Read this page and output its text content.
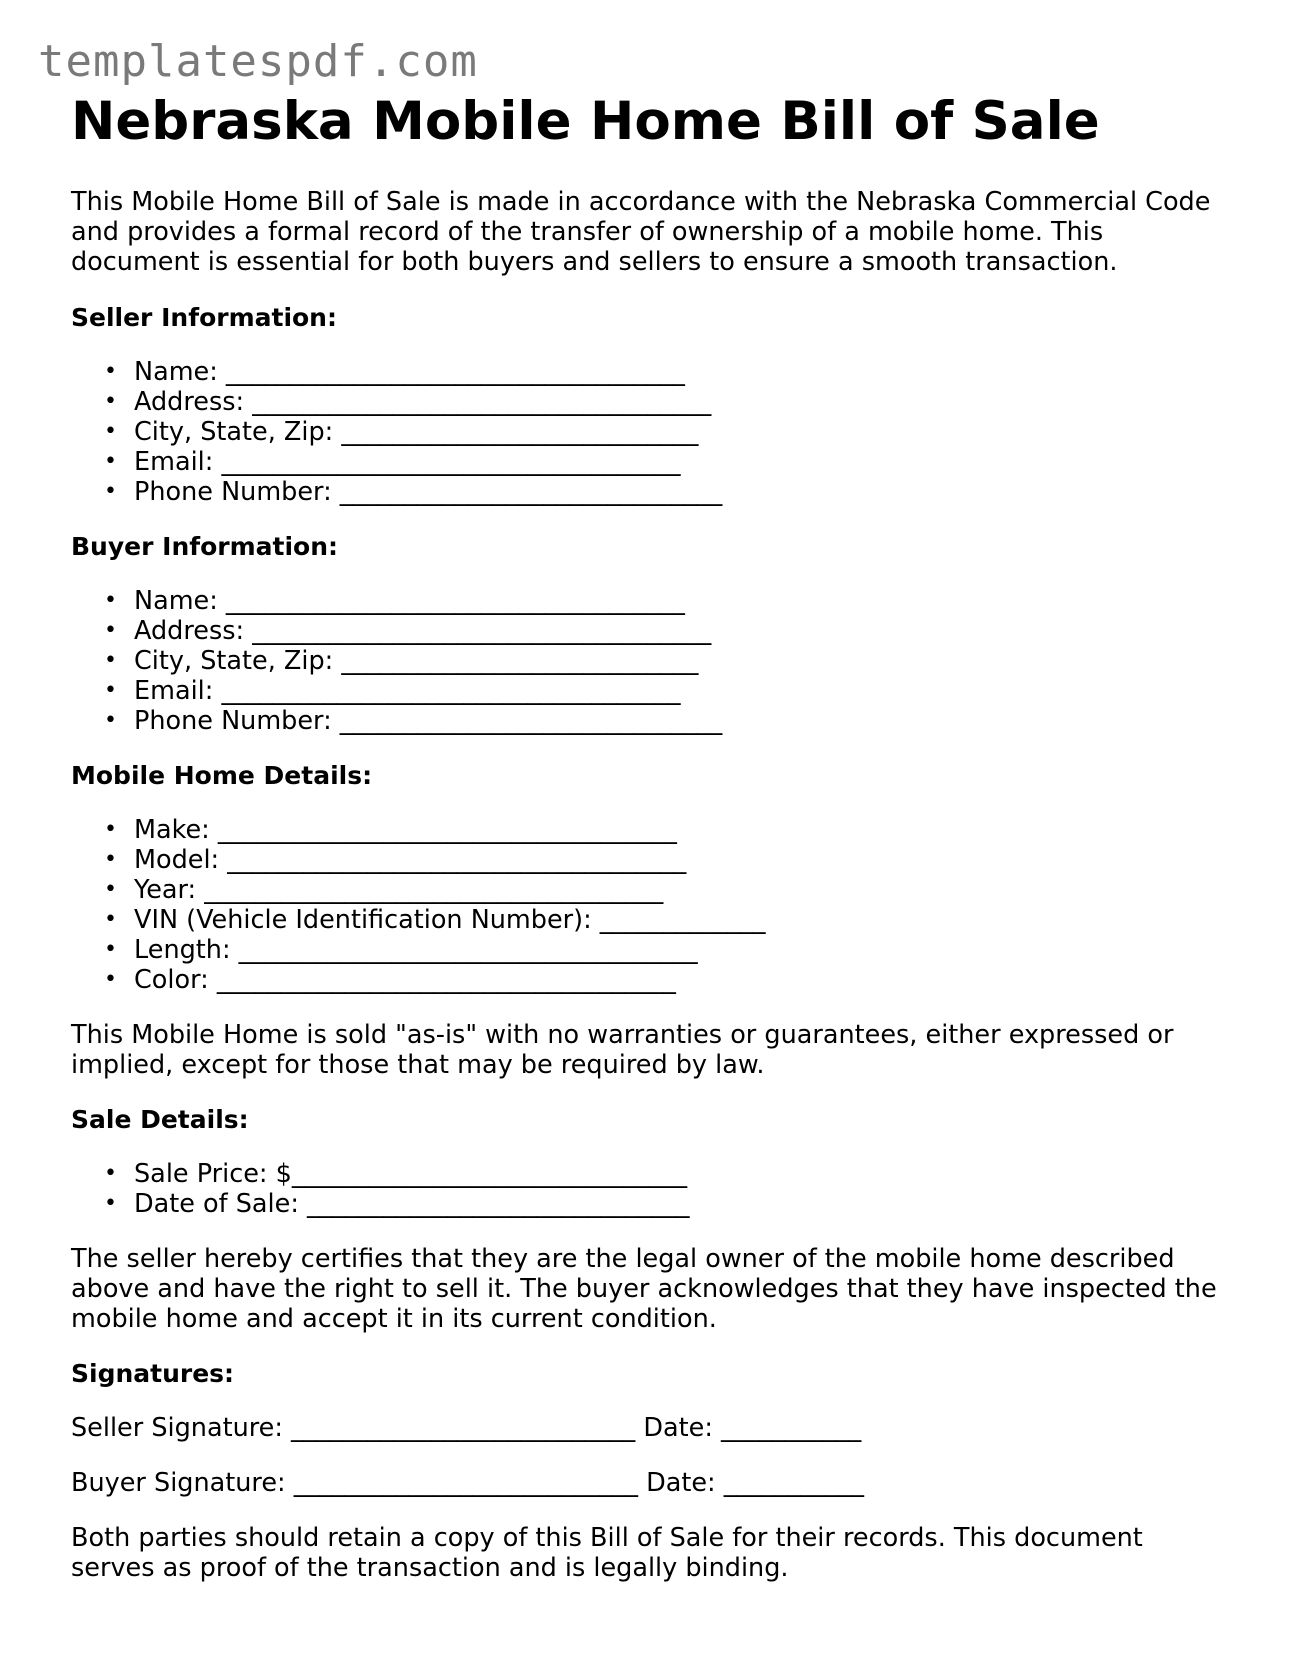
templatespdf.com
Nebraska Mobile Home Bill of Sale

This Mobile Home Bill of Sale is made in accordance with the Nebraska Commercial Code and provides a formal record of the transfer of ownership of a mobile home. This document is essential for both buyers and sellers to ensure a smooth transaction.

Seller Information:
• Name: ____________________________________
• Address: ____________________________________
• City, State, Zip: ____________________________
• Email: ____________________________________
• Phone Number: ______________________________
Buyer Information:
• Name: ____________________________________
• Address: ____________________________________
• City, State, Zip: ____________________________
• Email: ____________________________________
• Phone Number: ______________________________
Mobile Home Details:
• Make: ____________________________________
• Model: ____________________________________
• Year: ____________________________________
• VIN (Vehicle Identification Number): _____________
• Length: ____________________________________
• Color: ____________________________________

This Mobile Home is sold "as-is" with no warranties or guarantees, either expressed or implied, except for those that may be required by law.

Sale Details:
• Sale Price: $_______________________________
• Date of Sale: ______________________________

The seller hereby certifies that they are the legal owner of the mobile home described above and have the right to sell it. The buyer acknowledges that they have inspected the mobile home and accept it in its current condition.

Signatures:

Seller Signature: ___________________________ Date: ___________

Buyer Signature: ___________________________ Date: ___________

Both parties should retain a copy of this Bill of Sale for their records. This document serves as proof of the transaction and is legally binding.
